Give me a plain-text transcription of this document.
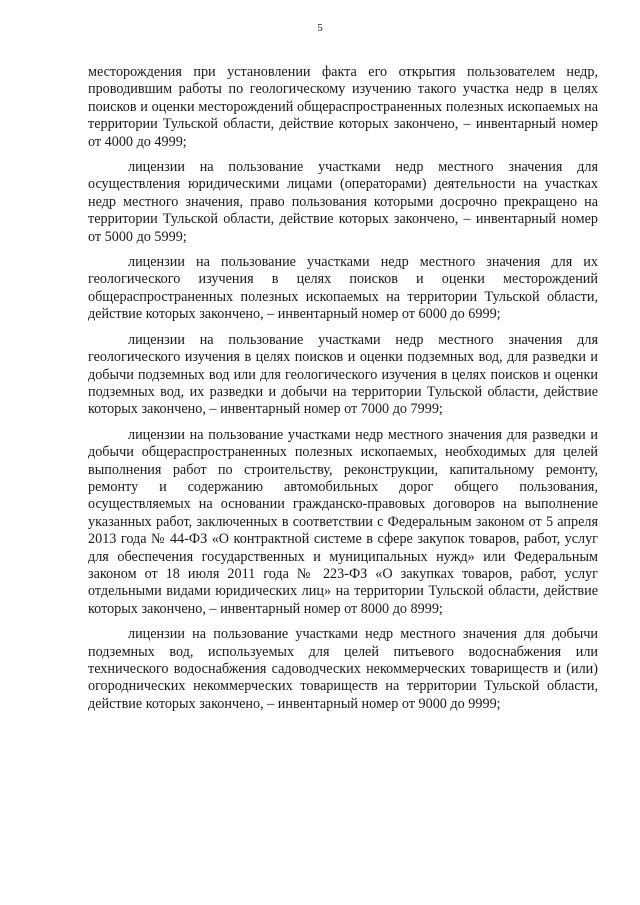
5

месторождения при установлении факта его открытия пользователем недр, проводившим работы по геологическому изучению такого участка недр в целях поисков и оценки месторождений общераспространенных полезных ископаемых на территории Тульской области, действие которых закончено, – инвентарный номер от 4000 до 4999;

лицензии на пользование участками недр местного значения для осуществления юридическими лицами (операторами) деятельности на участках недр местного значения, право пользования которыми досрочно прекращено на территории Тульской области, действие которых закончено, – инвентарный номер от 5000 до 5999;

лицензии на пользование участками недр местного значения для их геологического изучения в целях поисков и оценки месторождений общераспространенных полезных ископаемых на территории Тульской области, действие которых закончено, – инвентарный номер от 6000 до 6999;

лицензии на пользование участками недр местного значения для геологического изучения в целях поисков и оценки подземных вод, для разведки и добычи подземных вод или для геологического изучения в целях поисков и оценки подземных вод, их разведки и добычи на территории Тульской области, действие которых закончено, – инвентарный номер от 7000 до 7999;

лицензии на пользование участками недр местного значения для разведки и добычи общераспространенных полезных ископаемых, необходимых для целей выполнения работ по строительству, реконструкции, капитальному ремонту, ремонту и содержанию автомобильных дорог общего пользования, осуществляемых на основании гражданско-правовых договоров на выполнение указанных работ, заключенных в соответствии с Федеральным законом от 5 апреля 2013 года № 44-ФЗ «О контрактной системе в сфере закупок товаров, работ, услуг для обеспечения государственных и муниципальных нужд» или Федеральным законом от 18 июля 2011 года № 223-ФЗ «О закупках товаров, работ, услуг отдельными видами юридических лиц» на территории Тульской области, действие которых закончено, – инвентарный номер от 8000 до 8999;

лицензии на пользование участками недр местного значения для добычи подземных вод, используемых для целей питьевого водоснабжения или технического водоснабжения садоводческих некоммерческих товариществ и (или) огороднических некоммерческих товариществ на территории Тульской области, действие которых закончено, – инвентарный номер от 9000 до 9999;
